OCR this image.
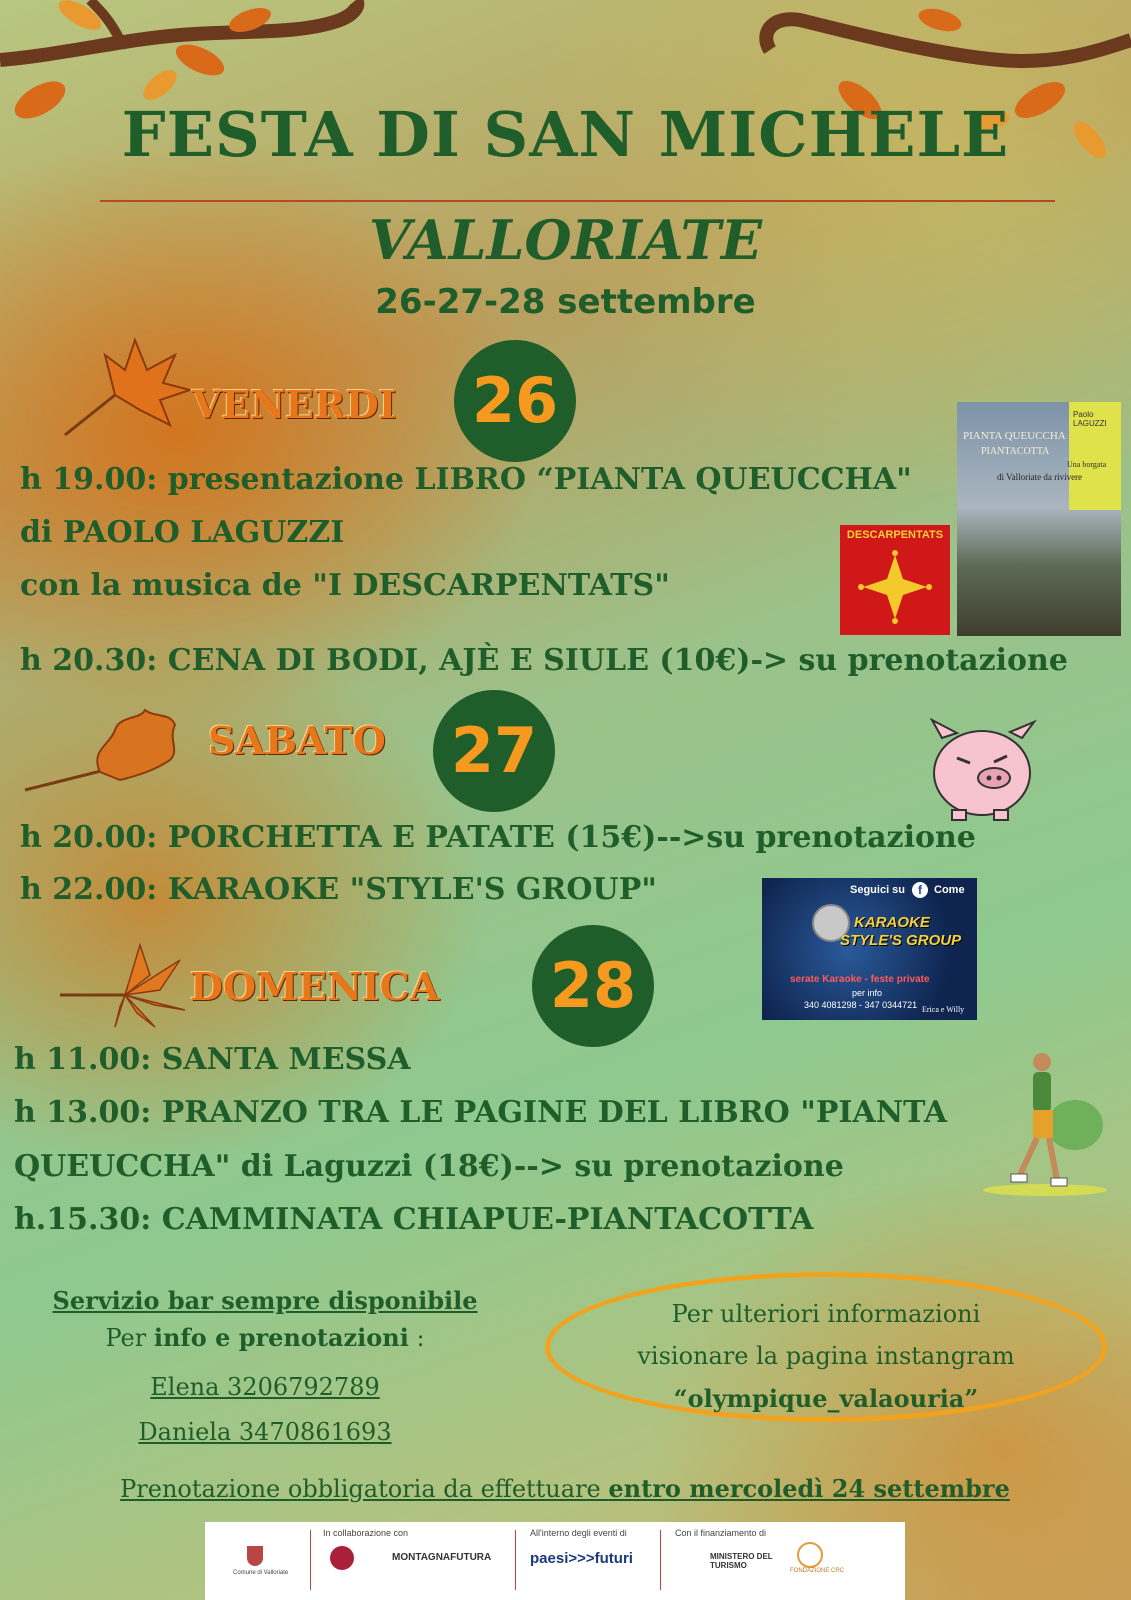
FESTA DI SAN MICHELE
VALLORIATE
26-27-28 settembre
VENERDI 26
h 19.00: presentazione LIBRO “PIANTA QUEUCCHA"
di PAOLO LAGUZZI
con la musica de "I DESCARPENTATS"
h 20.30: CENA DI BODI, AJÈ E SIULE (10€)-> su prenotazione
DESCARPENTATS
Paolo LAGUZZI
PIANTA QUEUCCHA
PIANTACOTTA
Una borgata
di Valloriate da rivivere
SABATO 27
h 20.00: PORCHETTA E PATATE (15€)-->su prenotazione
h 22.00: KARAOKE "STYLE'S GROUP"	Seguici su	f	Come
KARAOKE
STYLE'S GROUP
serate Karaoke - feste private
per info
340 4081298 - 347 0344721 Erica e Willy
DOMENICA 28
h 11.00: SANTA MESSA
h 13.00: PRANZO TRA LE PAGINE DEL LIBRO "PIANTA
QUEUCCHA" di Laguzzi (18€)--> su prenotazione
h.15.30: CAMMINATA CHIAPUE-PIANTACOTTA
Servizio bar sempre disponibile
Per info e prenotazioni :
Elena 3206792789
Daniela 3470861693
Per ulteriori informazioni
visionare la pagina instangram
“olympique_valaouria”
Prenotazione obbligatoria da effettuare entro mercoledì 24 settembre
Comune di Valloriate
In collaborazione con
MONTAGNAFUTURA
All'interno degli eventi di
paesi>>>futuri
Con il finanziamento di
MINISTERO DEL TURISMO
FONDAZIONE CRC
